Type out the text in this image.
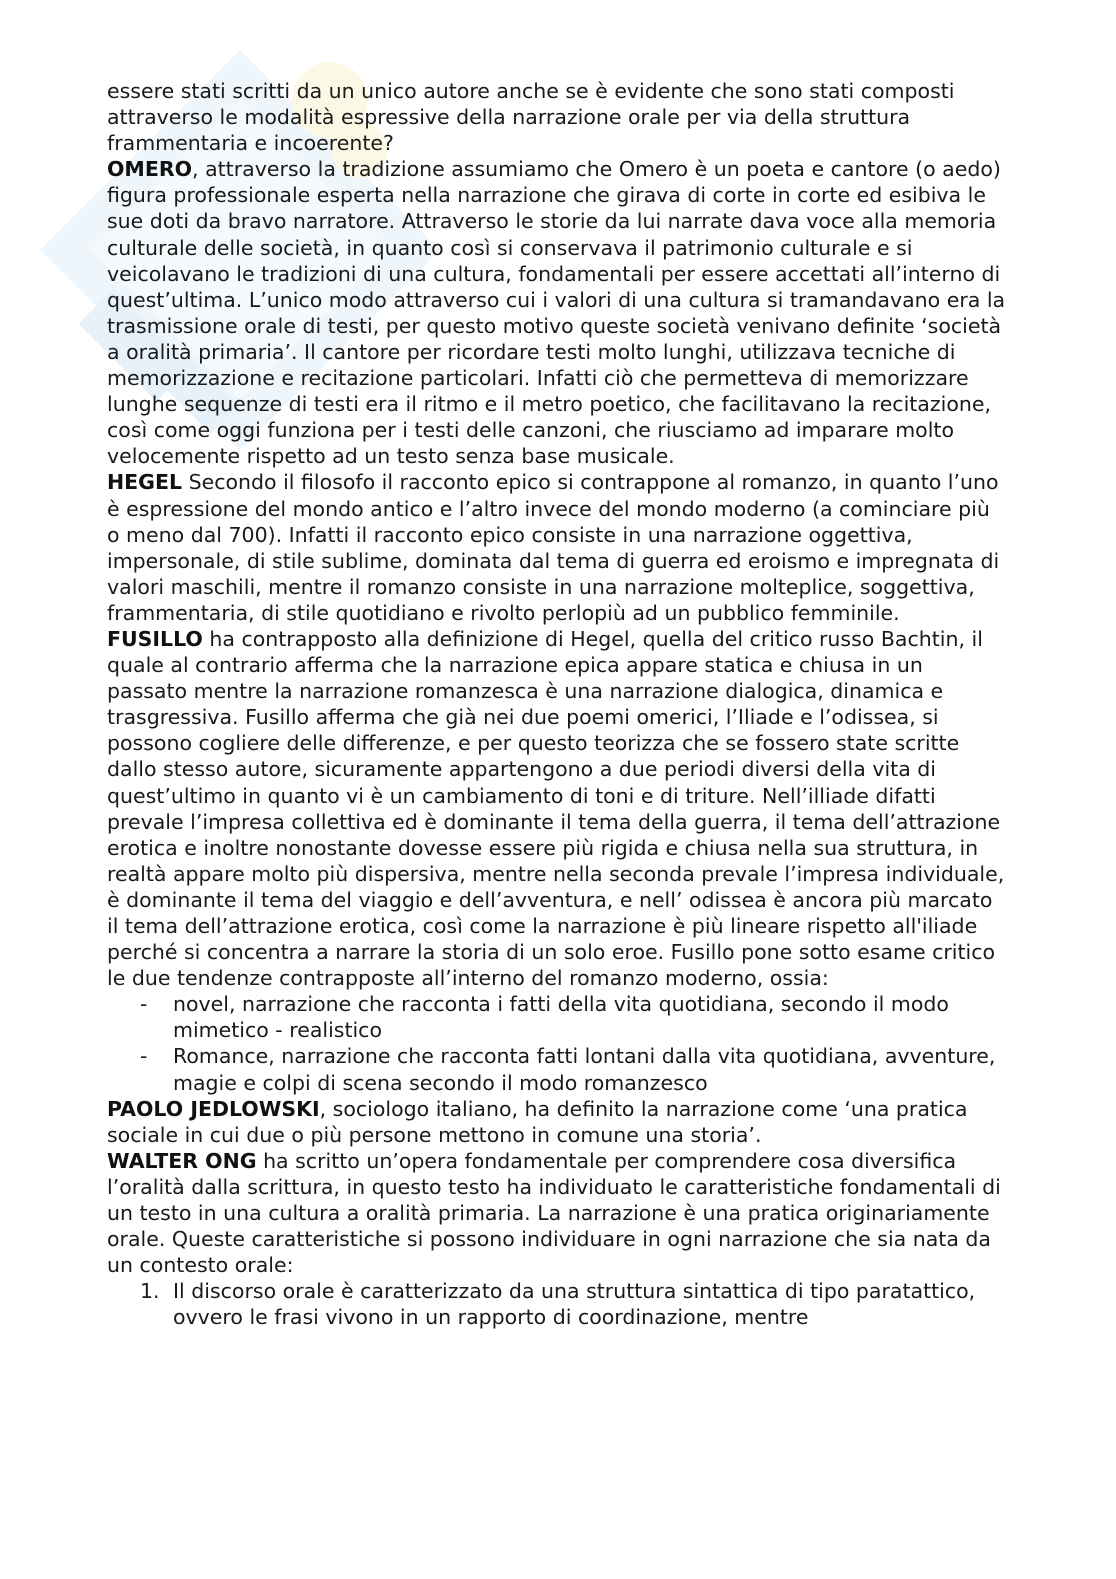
essere stati scritti da un unico autore anche se è evidente che sono stati composti attraverso le modalità espressive della narrazione orale per via della struttura frammentaria e incoerente?

OMERO, attraverso la tradizione assumiamo che Omero è un poeta e cantore (o aedo) figura professionale esperta nella narrazione che girava di corte in corte ed esibiva le sue doti da bravo narratore. Attraverso le storie da lui narrate dava voce alla memoria culturale delle società, in quanto così si conservava il patrimonio culturale e si veicolavano le tradizioni di una cultura, fondamentali per essere accettati all’interno di quest’ultima. L’unico modo attraverso cui i valori di una cultura si tramandavano era la trasmissione orale di testi, per questo motivo queste società venivano definite ‘società a oralità primaria’. Il cantore per ricordare testi molto lunghi, utilizzava tecniche di memorizzazione e recitazione particolari. Infatti ciò che permetteva di memorizzare lunghe sequenze di testi era il ritmo e il metro poetico, che facilitavano la recitazione, così come oggi funziona per i testi delle canzoni, che riusciamo ad imparare molto velocemente rispetto ad un testo senza base musicale.

HEGEL Secondo il filosofo il racconto epico si contrappone al romanzo, in quanto l’uno è espressione del mondo antico e l’altro invece del mondo moderno (a cominciare più o meno dal 700). Infatti il racconto epico consiste in una narrazione oggettiva, impersonale, di stile sublime, dominata dal tema di guerra ed eroismo e impregnata di valori maschili, mentre il romanzo consiste in una narrazione molteplice, soggettiva, frammentaria, di stile quotidiano e rivolto perlopiù ad un pubblico femminile.

FUSILLO ha contrapposto alla definizione di Hegel, quella del critico russo Bachtin, il quale al contrario afferma che la narrazione epica appare statica e chiusa in un passato mentre la narrazione romanzesca è una narrazione dialogica, dinamica e trasgressiva. Fusillo afferma che già nei due poemi omerici, l’Iliade e l’odissea, si possono cogliere delle differenze, e per questo teorizza che se fossero state scritte dallo stesso autore, sicuramente appartengono a due periodi diversi della vita di quest’ultimo in quanto vi è un cambiamento di toni e di triture. Nell’illiade difatti prevale l’impresa collettiva ed è dominante il tema della guerra, il tema dell’attrazione erotica e inoltre nonostante dovesse essere più rigida e chiusa nella sua struttura, in realtà appare molto più dispersiva, mentre nella seconda prevale l’impresa individuale, è dominante il tema del viaggio e dell’avventura, e nell’ odissea è ancora più marcato il tema dell’attrazione erotica, così come la narrazione è più lineare rispetto all'iliade perché si concentra a narrare la storia di un solo eroe. Fusillo pone sotto esame critico le due tendenze contrapposte all’interno del romanzo moderno, ossia:

- novel, narrazione che racconta i fatti della vita quotidiana, secondo il modo mimetico - realistico
- Romance, narrazione che racconta fatti lontani dalla vita quotidiana, avventure, magie e colpi di scena secondo il modo romanzesco

PAOLO JEDLOWSKI, sociologo italiano, ha definito la narrazione come ‘una pratica sociale in cui due o più persone mettono in comune una storia’.

WALTER ONG ha scritto un’opera fondamentale per comprendere cosa diversifica l’oralità dalla scrittura, in questo testo ha individuato le caratteristiche fondamentali di un testo in una cultura a oralità primaria. La narrazione è una pratica originariamente orale. Queste caratteristiche si possono individuare in ogni narrazione che sia nata da un contesto orale:

1. Il discorso orale è caratterizzato da una struttura sintattica di tipo paratattico, ovvero le frasi vivono in un rapporto di coordinazione, mentre
